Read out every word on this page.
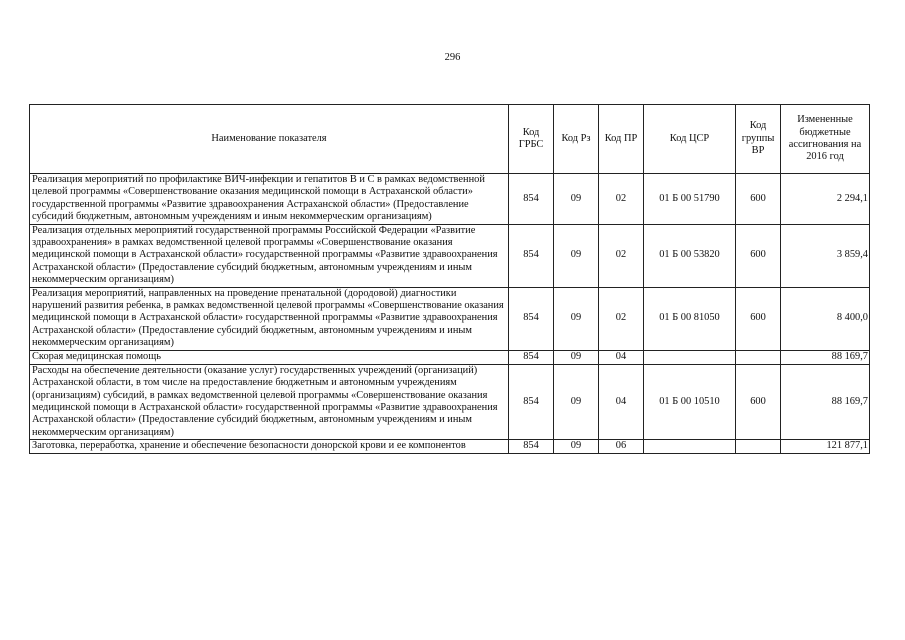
296
Наименование показателя	Код ГРБС	Код Рз	Код ПР	Код ЦСР	Код группы ВР	Измененные бюджетные ассигнования на 2016 год
Реализация мероприятий по профилактике ВИЧ-инфекции и гепатитов В и С в рамках ведомственной целевой программы «Совершенствование оказания медицинской помощи в Астраханской области» государственной программы «Развитие здравоохранения Астраханской области» (Предоставление субсидий бюджетным, автономным учреждениям и иным некоммерческим организациям)	854	09	02	01 Б 00 51790	600	2 294,1
Реализация отдельных мероприятий государственной программы Российской Федерации «Развитие здравоохранения» в рамках ведомственной целевой программы «Совершенствование оказания медицинской помощи в Астраханской области» государственной программы «Развитие здравоохранения Астраханской области» (Предоставление субсидий бюджетным, автономным учреждениям и иным некоммерческим организациям)	854	09	02	01 Б 00 53820	600	3 859,4
Реализация мероприятий, направленных на проведение пренатальной (дородовой) диагностики нарушений развития ребенка, в рамках ведомственной целевой программы «Совершенствование оказания медицинской помощи в Астраханской области» государственной программы «Развитие здравоохранения Астраханской области» (Предоставление субсидий бюджетным, автономным учреждениям и иным некоммерческим организациям)	854	09	02	01 Б 00 81050	600	8 400,0
Скорая медицинская помощь	854	09	04			88 169,7
Расходы на обеспечение деятельности (оказание услуг) государственных учреждений (организаций) Астраханской области, в том числе на предоставление бюджетным и автономным учреждениям (организациям) субсидий, в рамках ведомственной целевой программы «Совершенствование оказания медицинской помощи в Астраханской области» государственной программы «Развитие здравоохранения Астраханской области» (Предоставление субсидий бюджетным, автономным учреждениям и иным некоммерческим организациям)	854	09	04	01 Б 00 10510	600	88 169,7
Заготовка, переработка, хранение и обеспечение безопасности донорской крови и ее компонентов	854	09	06			121 877,1
